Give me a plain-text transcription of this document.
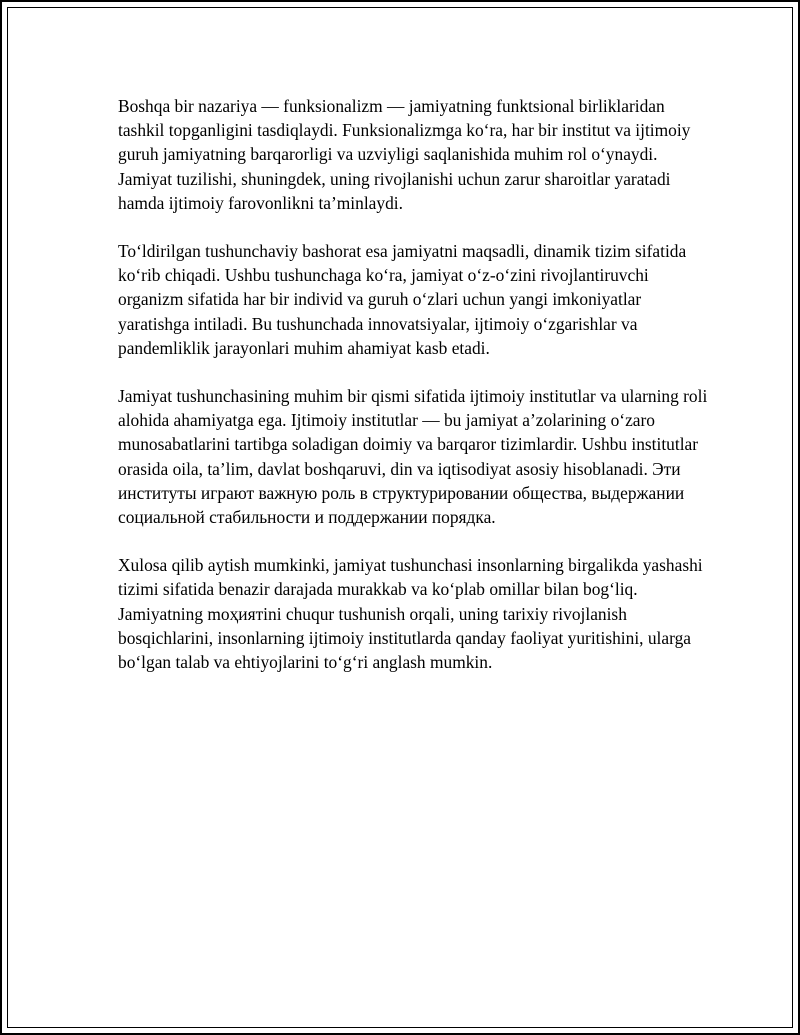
Boshqa bir nazariya — funksionalizm — jamiyatning funktsional birliklaridan tashkil topganligini tasdiqlaydi. Funksionalizmga ko‘ra, har bir institut va ijtimoiy guruh jamiyatning barqarorligi va uzviyligi saqlanishida muhim rol o‘ynaydi. Jamiyat tuzilishi, shuningdek, uning rivojlanishi uchun zarur sharoitlar yaratadi hamda ijtimoiy farovonlikni ta’minlaydi.

To‘ldirilgan tushunchaviy bashorat esa jamiyatni maqsadli, dinamik tizim sifatida ko‘rib chiqadi. Ushbu tushunchaga ko‘ra, jamiyat o‘z-o‘zini rivojlantiruvchi organizm sifatida har bir individ va guruh o‘zlari uchun yangi imkoniyatlar yaratishga intiladi. Bu tushunchada innovatsiyalar, ijtimoiy o‘zgarishlar va pandemliklik jarayonlari muhim ahamiyat kasb etadi.

Jamiyat tushunchasining muhim bir qismi sifatida ijtimoiy institutlar va ularning roli alohida ahamiyatga ega. Ijtimoiy institutlar — bu jamiyat a’zolarining o‘zaro munosabatlarini tartibga soladigan doimiy va barqaror tizimlardir. Ushbu institutlar orasida oila, ta’lim, davlat boshqaruvi, din va iqtisodiyat asosiy hisoblanadi. Эти институты играют важную роль в структурировании общества, выдержании социальной стабильности и поддержании порядка.

Xulosa qilib aytish mumkinki, jamiyat tushunchasi insonlarning birgalikda yashashi tizimi sifatida benazir darajada murakkab va ko‘plab omillar bilan bog‘liq. Jamiyatning moҳиятini chuqur tushunish orqali, uning tarixiy rivojlanish bosqichlarini, insonlarning ijtimoiy institutlarda qanday faoliyat yuritishini, ularga bo‘lgan talab va ehtiyojlarini to‘g‘ri anglash mumkin.
